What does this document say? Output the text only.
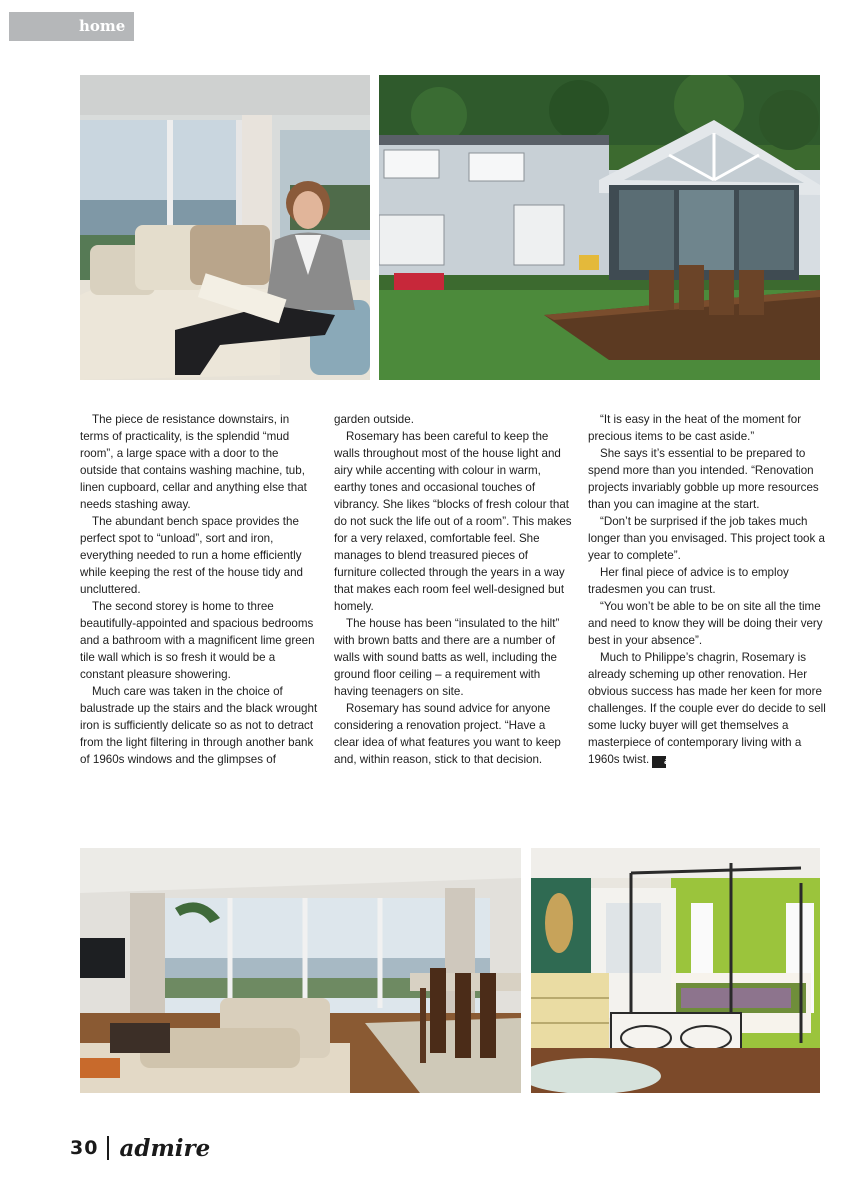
home

The piece de resistance downstairs, in terms of practicality, is the splendid “mud room”, a large space with a door to the outside that contains washing machine, tub, linen cupboard, cellar and anything else that needs stashing away.

The abundant bench space provides the perfect spot to “unload”, sort and iron, everything needed to run a home efficiently while keeping the rest of the house tidy and uncluttered.

The second storey is home to three beautifully-appointed and spacious bedrooms and a bathroom with a magnificent lime green tile wall which is so fresh it would be a constant pleasure showering.

Much care was taken in the choice of balustrade up the stairs and the black wrought iron is sufficiently delicate so as not to detract from the light filtering in through another bank of 1960s windows and the glimpses of

garden outside.

Rosemary has been careful to keep the walls throughout most of the house light and airy while accenting with colour in warm, earthy tones and occasional touches of vibrancy. She likes “blocks of fresh colour that do not suck the life out of a room”. This makes for a very relaxed, comfortable feel. She manages to blend treasured pieces of furniture collected through the years in a way that makes each room feel well-designed but homely.

The house has been “insulated to the hilt” with brown batts and there are a number of walls with sound batts as well, including the ground floor ceiling – a requirement with having teenagers on site.

Rosemary has sound advice for anyone considering a renovation project. “Have a clear idea of what features you want to keep and, within reason, stick to that decision.

“It is easy in the heat of the moment for precious items to be cast aside.”

She says it’s essential to be prepared to spend more than you intended. “Renovation projects invariably gobble up more resources than you can imagine at the start.

“Don’t be surprised if the job takes much longer than you envisaged. This project took a year to complete”.

Her final piece of advice is to employ tradesmen you can trust.

“You won’t be able to be on site all the time and need to know they will be doing their very best in your absence”.

Much to Philippe’s chagrin, Rosemary is already scheming up other renovation. Her obvious success has made her keen for more challenges. If the couple ever do decide to sell some lucky buyer will get themselves a masterpiece of contemporary living with a 1960s twist. a

30 admire
